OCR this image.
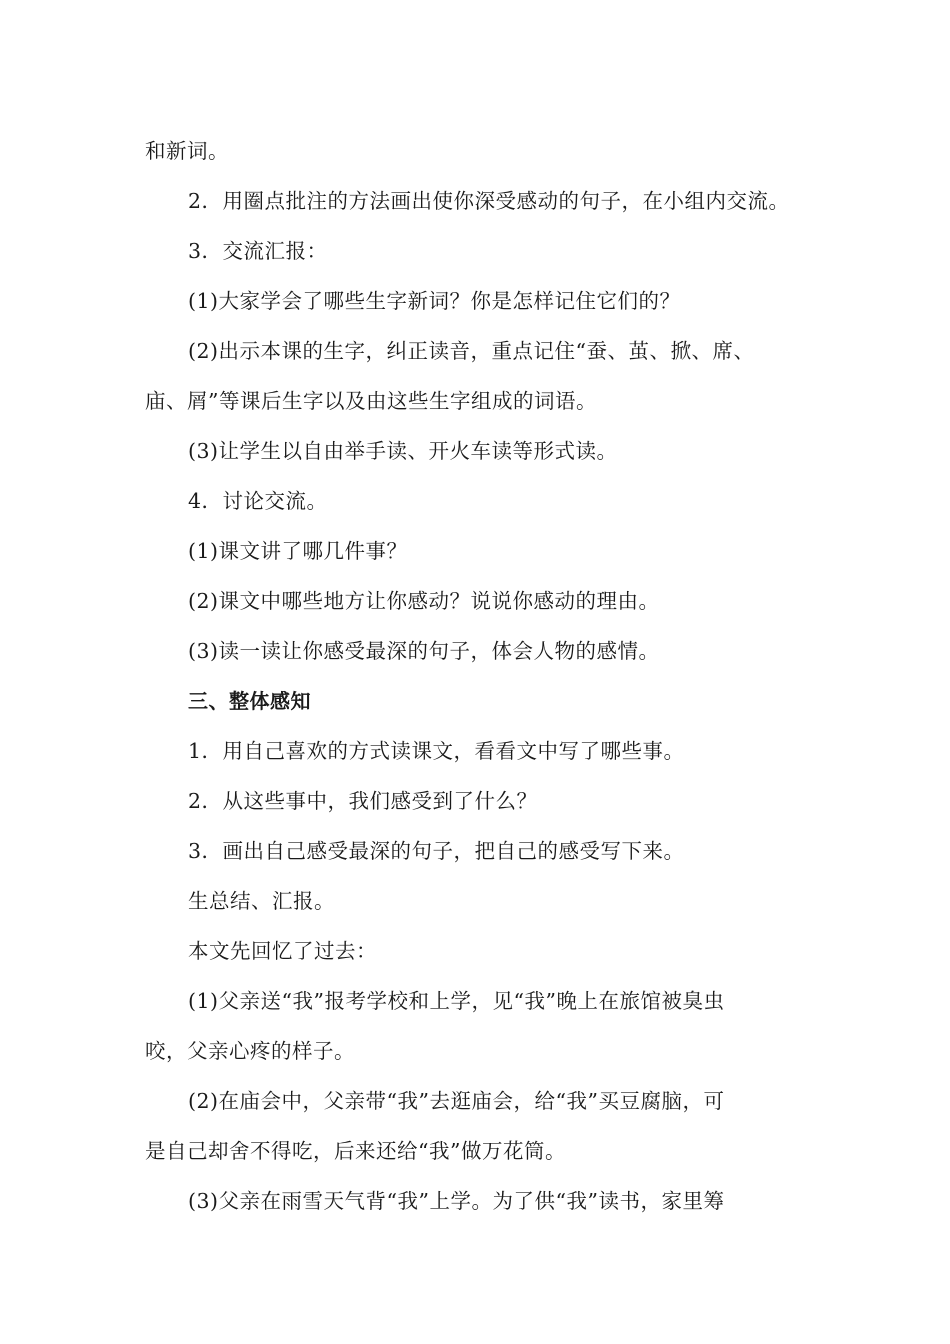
和新词。
2．用圈点批注的方法画出使你深受感动的句子，在小组内交流。
3．交流汇报：
(1)大家学会了哪些生字新词？你是怎样记住它们的？
(2)出示本课的生字，纠正读音，重点记住“蚕、茧、掀、席、
庙、屑”等课后生字以及由这些生字组成的词语。
(3)让学生以自由举手读、开火车读等形式读。
4．讨论交流。
(1)课文讲了哪几件事？
(2)课文中哪些地方让你感动？说说你感动的理由。
(3)读一读让你感受最深的句子，体会人物的感情。
三、整体感知
1．用自己喜欢的方式读课文，看看文中写了哪些事。
2．从这些事中，我们感受到了什么？
3．画出自己感受最深的句子，把自己的感受写下来。
生总结、汇报。
本文先回忆了过去：
(1)父亲送“我”报考学校和上学，见“我”晚上在旅馆被臭虫
咬，父亲心疼的样子。
(2)在庙会中，父亲带“我”去逛庙会，给“我”买豆腐脑，可
是自己却舍不得吃，后来还给“我”做万花筒。
(3)父亲在雨雪天气背“我”上学。为了供“我”读书，家里筹
